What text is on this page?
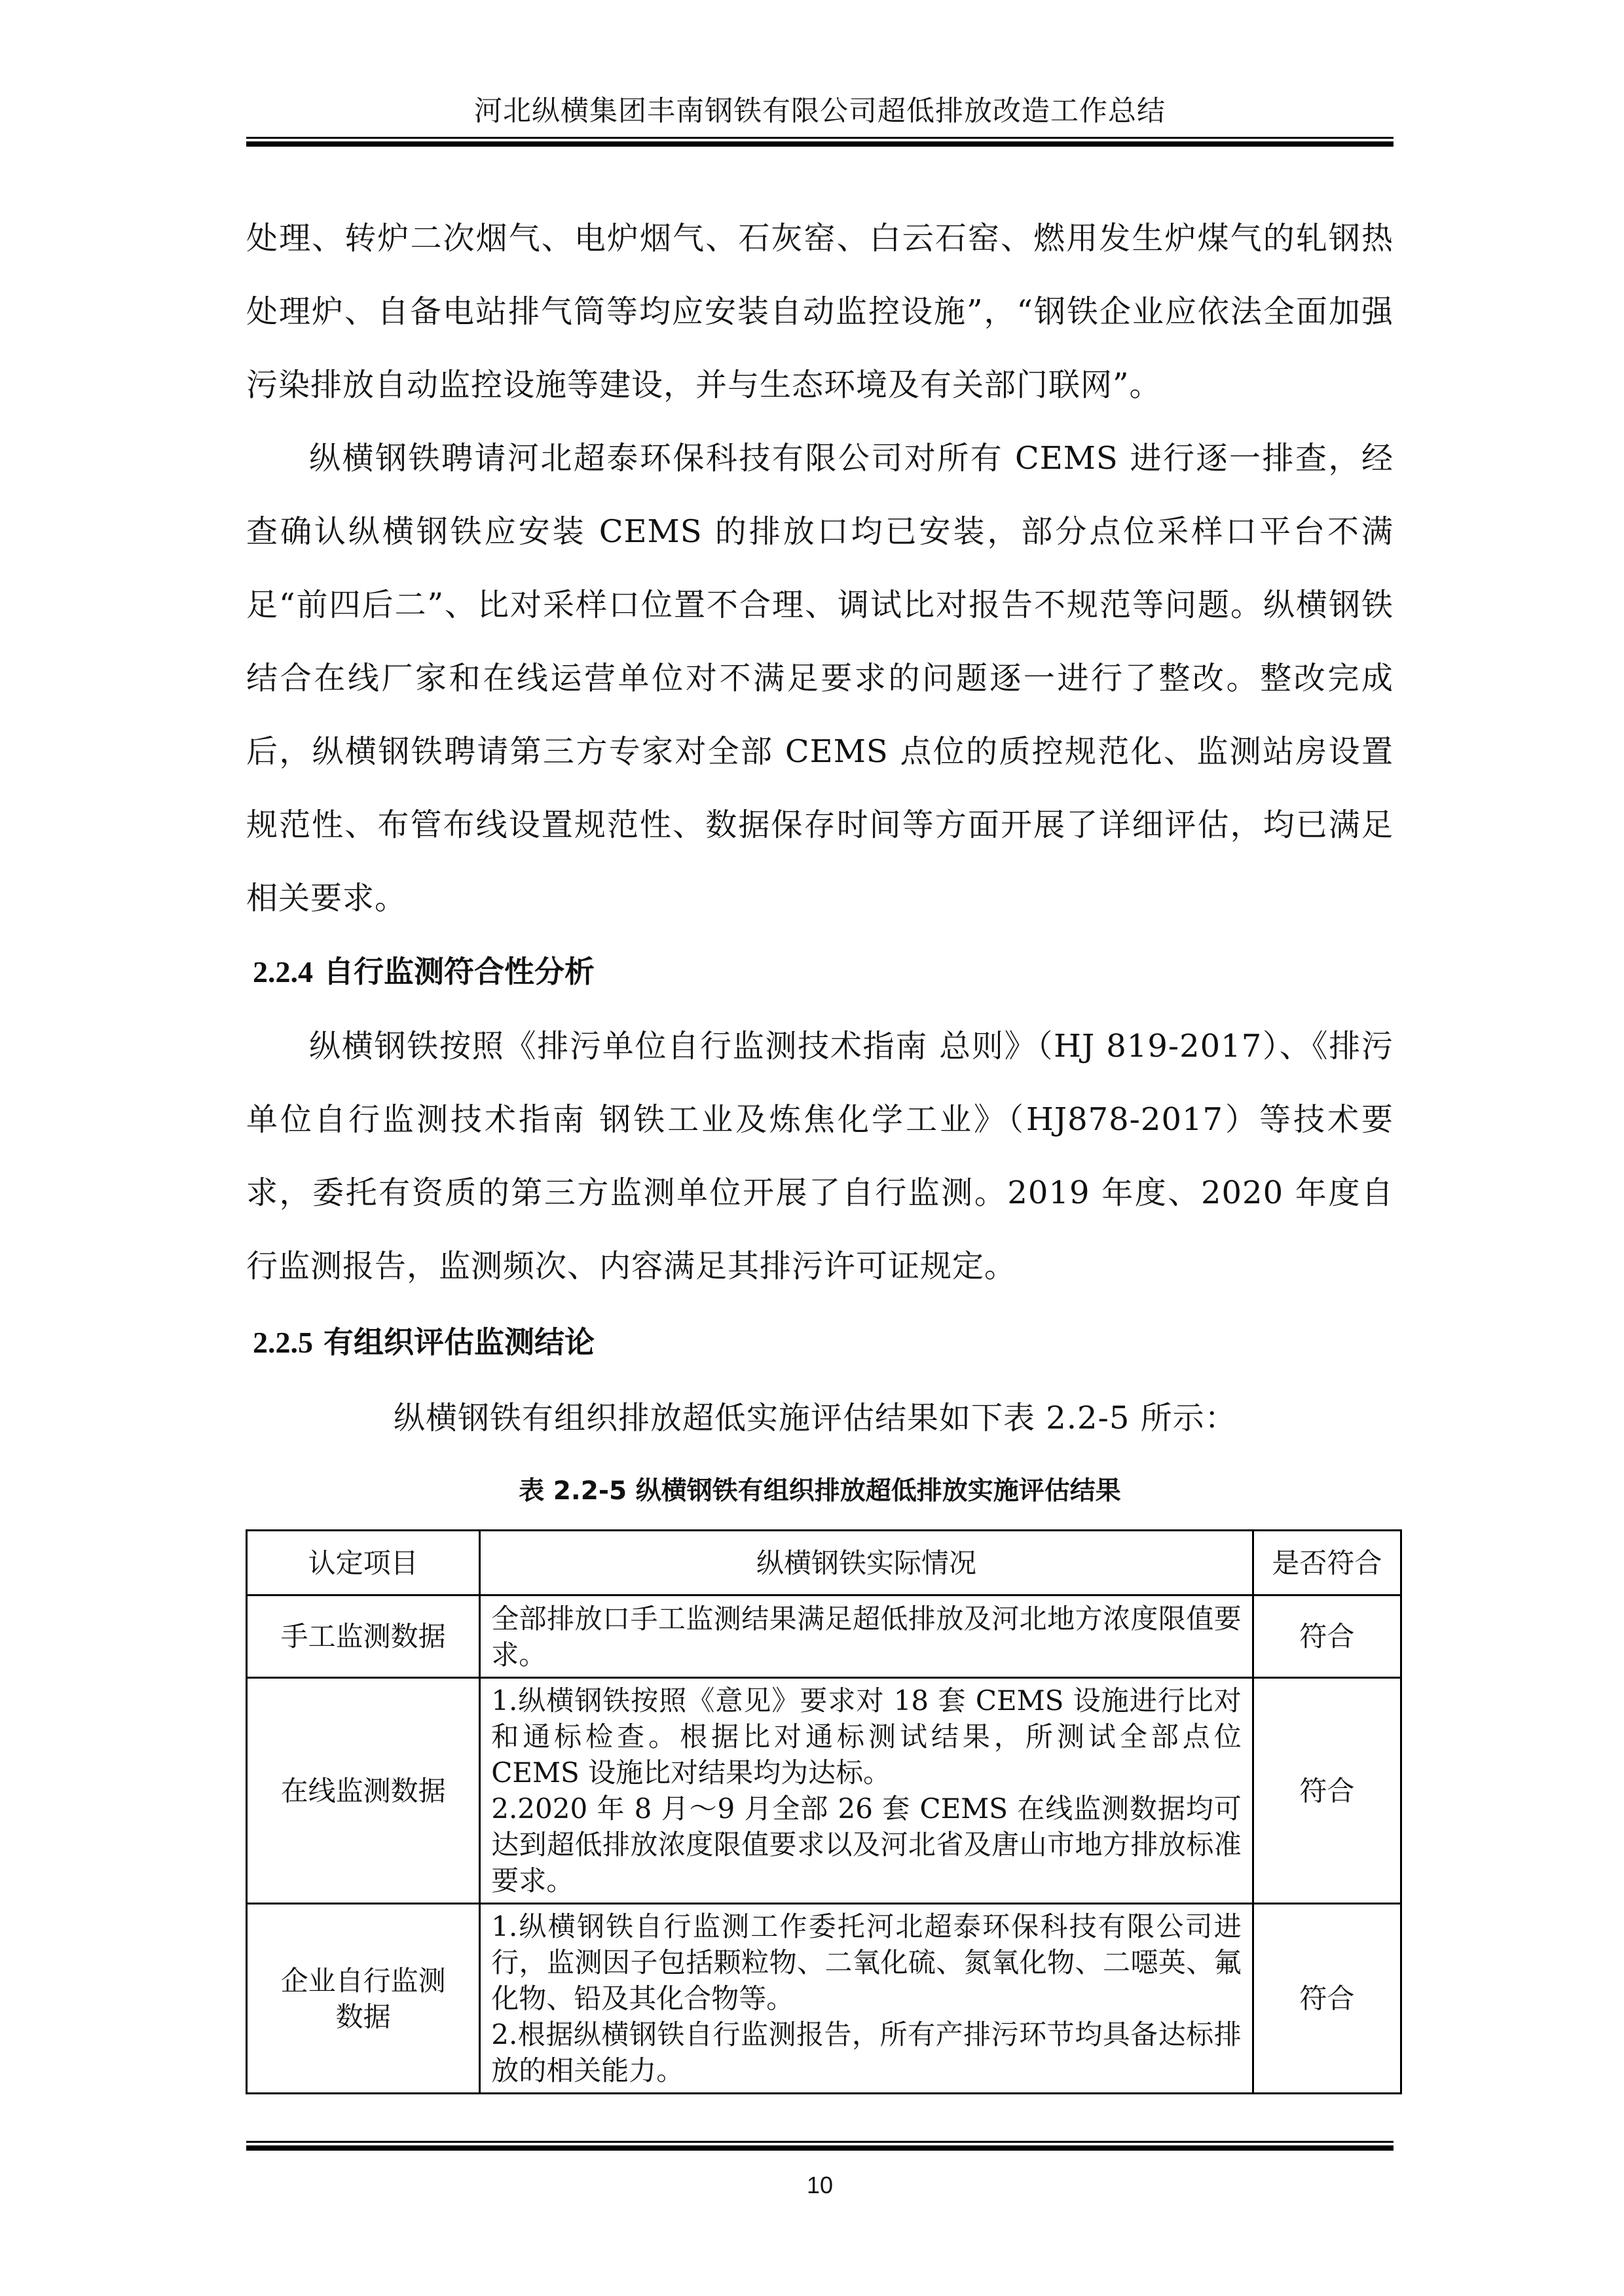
河北纵横集团丰南钢铁有限公司超低排放改造工作总结

处理、转炉二次烟气、电炉烟气、石灰窑、白云石窑、燃用发生炉煤气的轧钢热处理炉、自备电站排气筒等均应安装自动监控设施”，“钢铁企业应依法全面加强污染排放自动监控设施等建设，并与生态环境及有关部门联网”。

纵横钢铁聘请河北超泰环保科技有限公司对所有 CEMS 进行逐一排查，经查确认纵横钢铁应安装 CEMS 的排放口均已安装，部分点位采样口平台不满足“前四后二”、比对采样口位置不合理、调试比对报告不规范等问题。纵横钢铁结合在线厂家和在线运营单位对不满足要求的问题逐一进行了整改。整改完成后，纵横钢铁聘请第三方专家对全部 CEMS 点位的质控规范化、监测站房设置规范性、布管布线设置规范性、数据保存时间等方面开展了详细评估，均已满足相关要求。

2.2.4 自行监测符合性分析

纵横钢铁按照《排污单位自行监测技术指南 总则》（HJ 819-2017）、《排污单位自行监测技术指南 钢铁工业及炼焦化学工业》（HJ878-2017）等技术要求，委托有资质的第三方监测单位开展了自行监测。2019 年度、2020 年度自行监测报告，监测频次、内容满足其排污许可证规定。

2.2.5 有组织评估监测结论

纵横钢铁有组织排放超低实施评估结果如下表 2.2-5 所示：

表 2.2-5 纵横钢铁有组织排放超低排放实施评估结果
认定项目	纵横钢铁实际情况	是否符合
手工监测数据	全部排放口手工监测结果满足超低排放及河北地方浓度限值要求。	符合
在线监测数据	1.纵横钢铁按照《意见》要求对 18 套 CEMS 设施进行比对和通标检查。根据比对通标测试结果，所测试全部点位 CEMS 设施比对结果均为达标。
2.2020 年 8 月～9 月全部 26 套 CEMS 在线监测数据均可达到超低排放浓度限值要求以及河北省及唐山市地方排放标准要求。	符合
企业自行监测数据	1.纵横钢铁自行监测工作委托河北超泰环保科技有限公司进行，监测因子包括颗粒物、二氧化硫、氮氧化物、二噁英、氟化物、铅及其化合物等。
2.根据纵横钢铁自行监测报告，所有产排污环节均具备达标排放的相关能力。	符合
10
